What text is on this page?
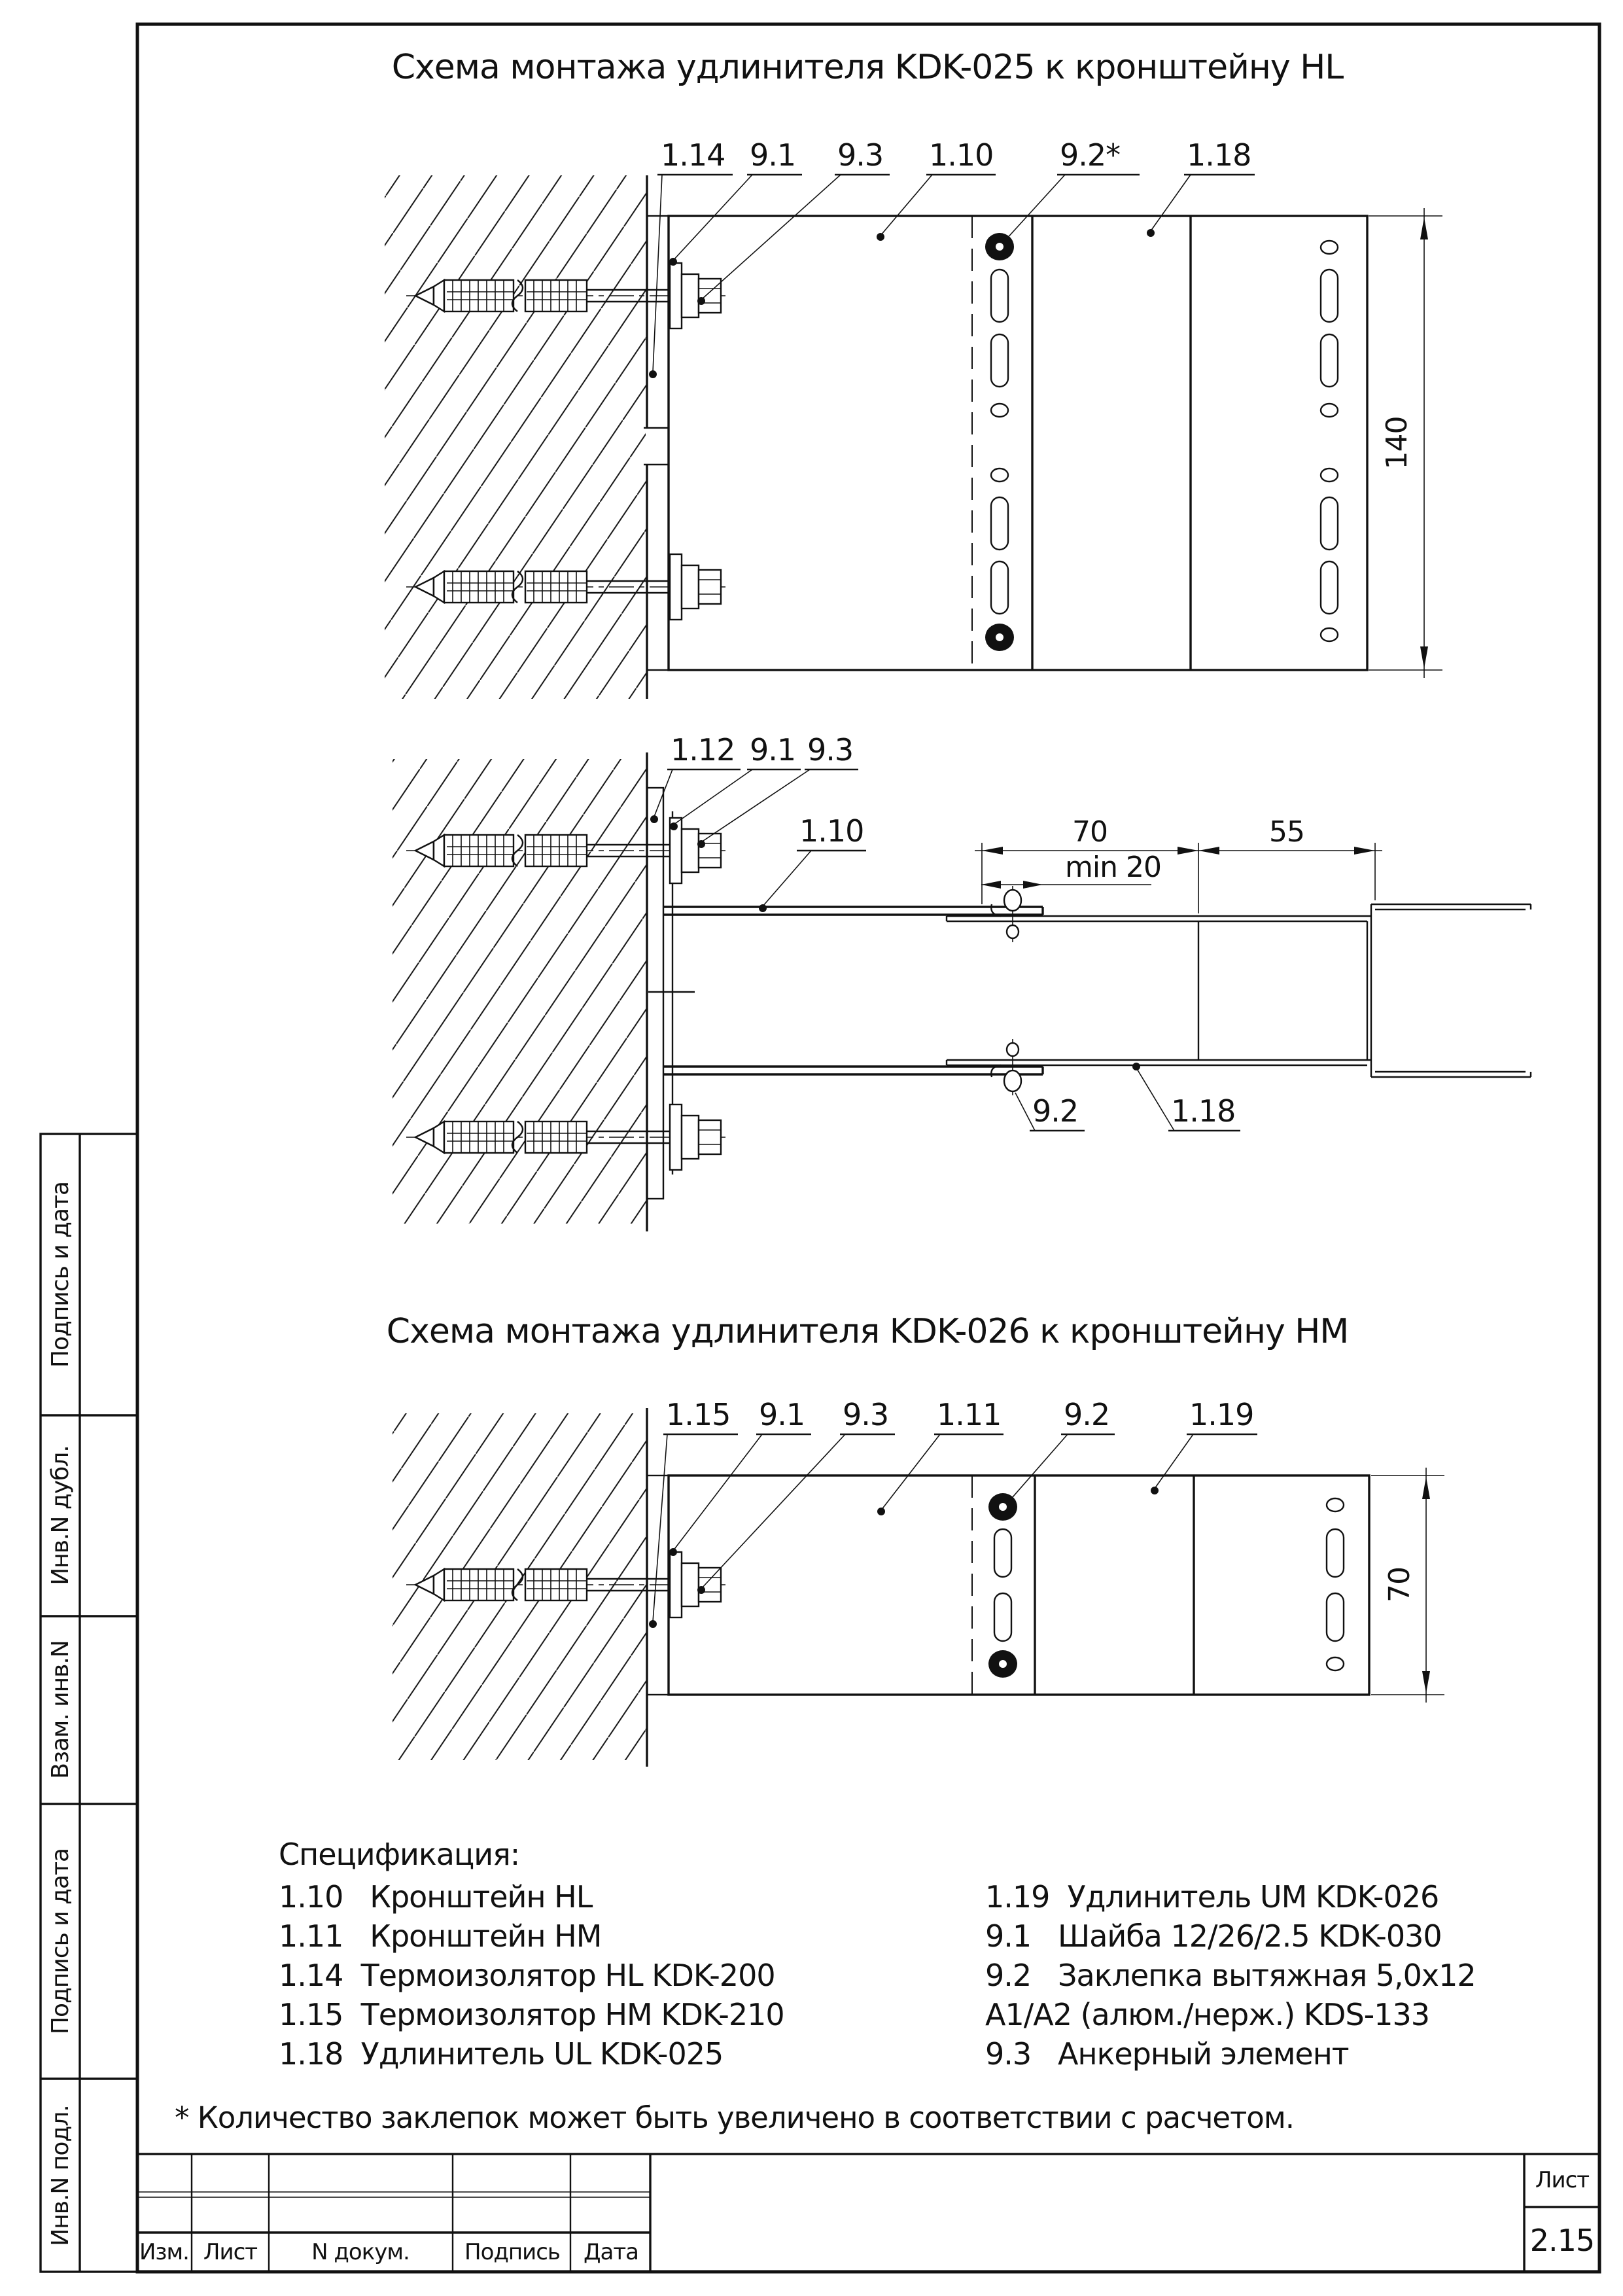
Схема монтажа удлинителя KDK-025 к кронштейну HL
140
1.14 9.1 9.3 1.10 9.2* 1.18
70	55
min 20
1.12 9.1 9.3
1.10
9.2	1.18
Схема монтажа удлинителя KDK-026 к кронштейну HM
70
1.15 9.1 9.3 1.11 9.2	1.19
Спецификация:
1.10   Кронштейн HL
1.11   Кронштейн HM
1.14  Термоизолятор HL KDK-200
1.15  Термоизолятор HM KDK-210
1.18  Удлинитель UL KDK-025
1.19  Удлинитель UM KDK-026
9.1   Шайба 12/26/2.5 KDK-030
9.2   Заклепка вытяжная 5,0х12
А1/А2 (алюм./нерж.) KDS-133
9.3   Анкерный элемент
* Количество заклепок может быть увеличено в соответствии с расчетом.
Подпись и дата
Инв.N дубл.
Взам. инв.N
Подпись и дата
Инв.N подл.
Изм. Лист N докум. Подпись Дата
Лист
2.15
